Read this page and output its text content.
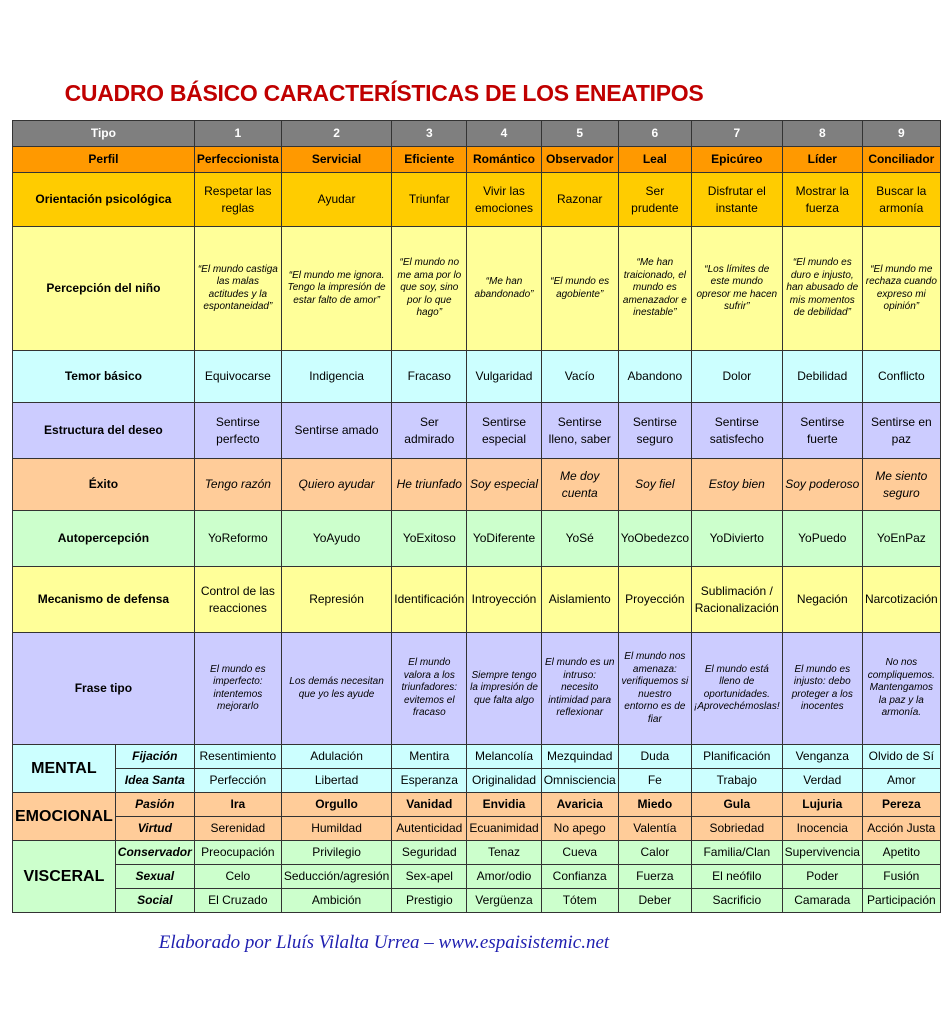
CUADRO BÁSICO CARACTERÍSTICAS DE LOS ENEATIPOS
Tipo		1	2	3	4	5	6	7	8	9
Perfil		Perfeccionista	Servicial	Eficiente	Romántico	Observador	Leal	Epicúreo	Líder	Conciliador
Orientación psicológica		Respetar las reglas	Ayudar	Triunfar	Vivir las emociones	Razonar	Ser prudente	Disfrutar el instante	Mostrar la fuerza	Buscar la armonía
Percepción del niño		“El mundo castiga las malas actitudes y la espontaneidad”	“El mundo me ignora. Tengo la impresión de estar falto de amor”	“El mundo no me ama por lo que soy, sino por lo que hago”	“Me han abandonado”	“El mundo es agobiente”	“Me han traicionado, el mundo es amenazador e inestable”	“Los límites de este mundo opresor me hacen sufrir”	“El mundo es duro e injusto, han abusado de mis momentos de debilidad”	“El mundo me rechaza cuando expreso mi opinión”
Temor básico		Equivocarse	Indigencia	Fracaso	Vulgaridad	Vacío	Abandono	Dolor	Debilidad	Conflicto
Estructura del deseo		Sentirse perfecto	Sentirse amado	Ser admirado	Sentirse especial	Sentirse lleno, saber	Sentirse seguro	Sentirse satisfecho	Sentirse fuerte	Sentirse en paz
Éxito		Tengo razón	Quiero ayudar	He triunfado	Soy especial	Me doy cuenta	Soy fiel	Estoy bien	Soy poderoso	Me siento seguro
Autopercepción		YoReformo	YoAyudo	YoExitoso	YoDiferente	YoSé	YoObedezco	YoDivierto	YoPuedo	YoEnPaz
Mecanismo de defensa		Control de las reacciones	Represión	Identificación	Introyección	Aislamiento	Proyección	Sublimación / Racionalización	Negación	Narcotización
Frase tipo		El mundo es imperfecto: intentemos mejorarlo	Los demás necesitan que yo les ayude	El mundo valora a los triunfadores: evitemos el fracaso	Siempre tengo la impresión de que falta algo	El mundo es un intruso: necesito intimidad para reflexionar	El mundo nos amenaza: verifiquemos si nuestro entorno es de fiar	El mundo está lleno de oportunidades. ¡Aprovechémoslas!	El mundo es injusto: debo proteger a los inocentes	No nos compliquemos. Mantengamos la paz y la armonía.
MENTAL	Fijación	Resentimiento	Adulación	Mentira	Melancolía	Mezquindad	Duda	Planificación	Venganza	Olvido de Sí
	Idea Santa	Perfección	Libertad	Esperanza	Originalidad	Omnisciencia	Fe	Trabajo	Verdad	Amor
EMOCIONAL	Pasión	Ira	Orgullo	Vanidad	Envidia	Avaricia	Miedo	Gula	Lujuria	Pereza
	Virtud	Serenidad	Humildad	Autenticidad	Ecuanimidad	No apego	Valentía	Sobriedad	Inocencia	Acción Justa
VISCERAL	Conservador	Preocupación	Privilegio	Seguridad	Tenaz	Cueva	Calor	Familia/Clan	Supervivencia	Apetito
	Sexual	Celo	Seducción/agresión	Sex-apel	Amor/odio	Confianza	Fuerza	El neófilo	Poder	Fusión
	Social	El Cruzado	Ambición	Prestigio	Vergüenza	Tótem	Deber	Sacrificio	Camarada	Participación
Elaborado por Lluís Vilalta Urrea – www.espaisistemic.net
